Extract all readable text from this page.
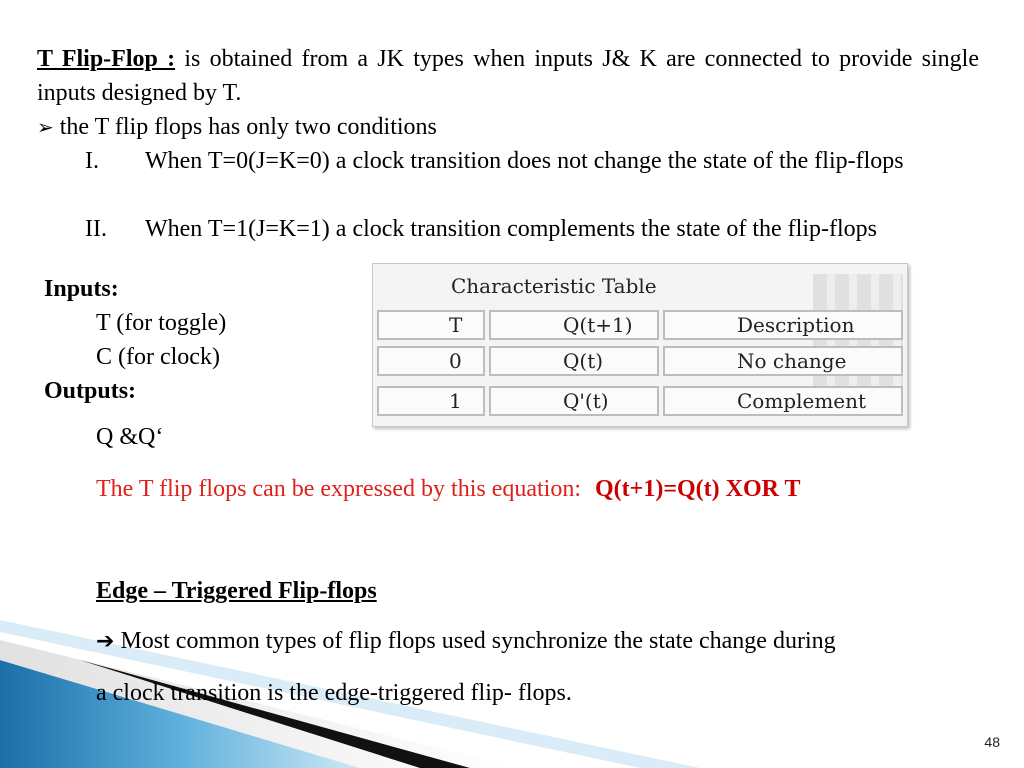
T Flip-Flop : is obtained from a JK types when inputs J& K are connected to provide single inputs designed by T.
➢ the T flip flops has only two conditions
I.	When T=0(J=K=0) a clock transition does not change the state of the flip-flops
II.	When T=1(J=K=1) a clock transition complements the state of the flip-flops
Inputs:
T (for toggle)
C (for clock)
Outputs:
Q &Q‘
Characteristic Table
T	Q(t+1)	Description
0	Q(t)	No change
1	Q'(t)	Complement
The T flip flops can be expressed by this equation: Q(t+1)=Q(t) XOR T
Edge – Triggered Flip-flops
➔ Most common types of flip flops used synchronize the state change during
a clock transition is the edge-triggered flip- flops.
48
